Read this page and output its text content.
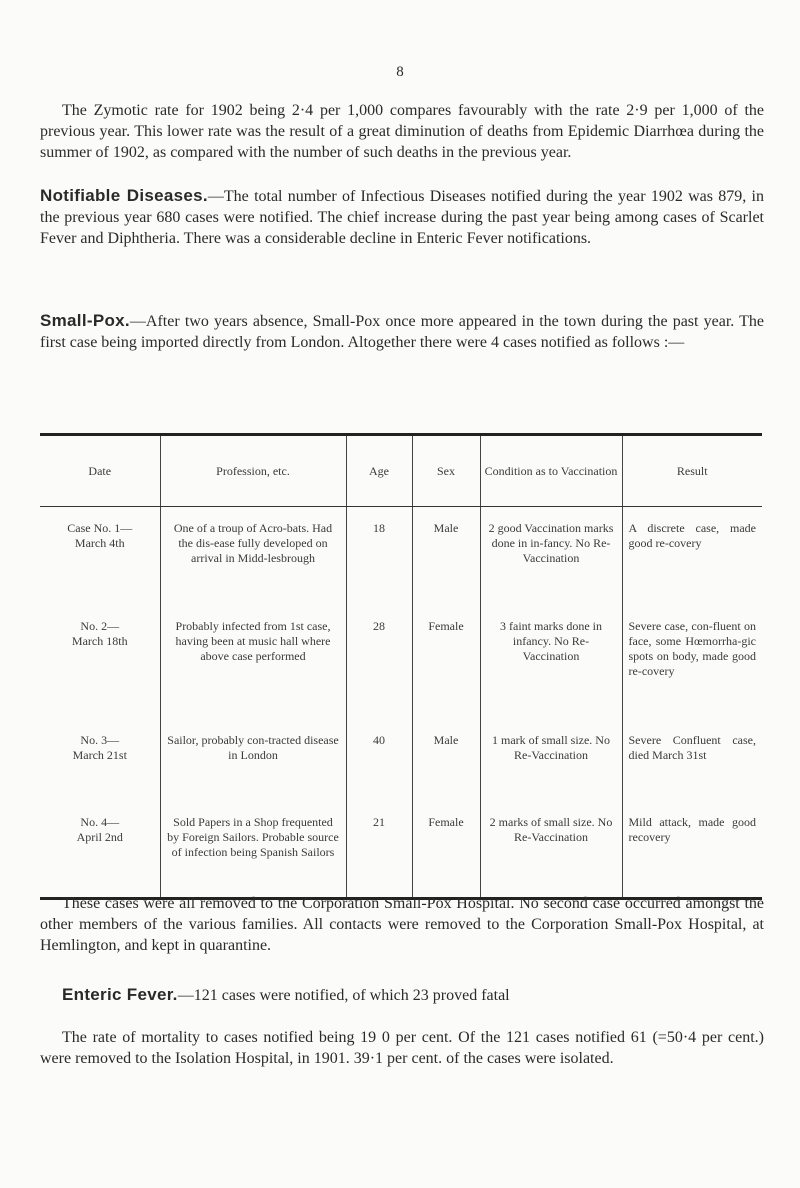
8

The Zymotic rate for 1902 being 2·4 per 1,000 compares favourably with the rate 2·9 per 1,000 of the previous year. This lower rate was the result of a great diminution of deaths from Epidemic Diarrhœa during the summer of 1902, as compared with the number of such deaths in the previous year.

Notifiable Diseases.—The total number of Infectious Diseases notified during the year 1902 was 879, in the previous year 680 cases were notified. The chief increase during the past year being among cases of Scarlet Fever and Diphtheria. There was a considerable decline in Enteric Fever notifications.

Small-Pox.—After two years absence, Small-Pox once more appeared in the town during the past year. The first case being imported directly from London. Altogether there were 4 cases notified as follows :—

Date	Profession, etc.	Age	Sex	Condition as to Vaccination	Result

Case No. 1—
March 4th	One of a troup of Acro-bats. Had the dis-ease fully developed on arrival in Midd-lesbrough	18	Male	2 good Vaccination marks done in in-fancy. No Re-Vaccination	A discrete case, made good re-covery

No. 2—
March 18th	Probably infected from 1st case, having been at music hall where above case performed	28	Female	3 faint marks done in infancy. No Re-Vaccination	Severe case, con-fluent on face, some Hœmorrha-gic spots on body, made good re-covery

No. 3—
March 21st	Sailor, probably con-tracted disease in London	40	Male	1 mark of small size. No Re-Vaccination	Severe Confluent case, died March 31st

No. 4—
April 2nd	Sold Papers in a Shop frequented by Foreign Sailors. Probable source of infection being Spanish Sailors	21	Female	2 marks of small size. No Re-Vaccination	Mild attack, made good recovery

These cases were all removed to the Corporation Small-Pox Hospital. No second case occurred amongst the other members of the various families. All contacts were removed to the Corporation Small-Pox Hospital, at Hemlington, and kept in quarantine.

Enteric Fever.—121 cases were notified, of which 23 proved fatal

The rate of mortality to cases notified being 19 0 per cent. Of the 121 cases notified 61 (=50·4 per cent.) were removed to the Isolation Hospital, in 1901. 39·1 per cent. of the cases were isolated.
